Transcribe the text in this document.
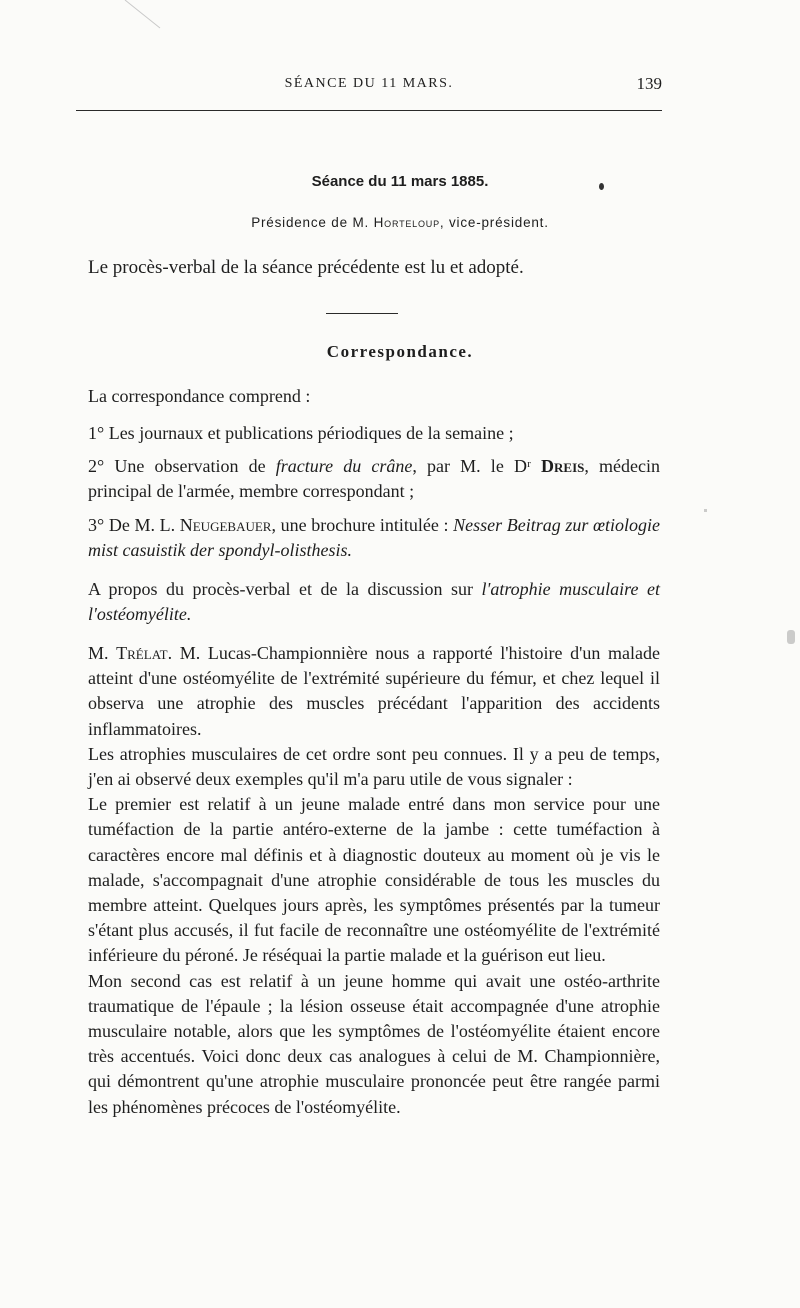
SÉANCE DU 11 MARS.	139
Séance du 11 mars 1885.
Présidence de M. Horteloup, vice-président.

Le procès-verbal de la séance précédente est lu et adopté.

Correspondance.

La correspondance comprend :

1° Les journaux et publications périodiques de la semaine ;

2° Une observation de fracture du crâne, par M. le Dʳ Dreis, médecin principal de l'armée, membre correspondant ;

3° De M. L. Neugebauer, une brochure intitulée : Nesser Beitrag zur œtiologie mist casuistik der spondyl-olisthesis.

A propos du procès-verbal et de la discussion sur l'atrophie musculaire et l'ostéomyélite.

M. Trélat. M. Lucas-Championnière nous a rapporté l'histoire d'un malade atteint d'une ostéomyélite de l'extrémité supérieure du fémur, et chez lequel il observa une atrophie des muscles précédant l'apparition des accidents inflammatoires.

Les atrophies musculaires de cet ordre sont peu connues. Il y a peu de temps, j'en ai observé deux exemples qu'il m'a paru utile de vous signaler :

Le premier est relatif à un jeune malade entré dans mon service pour une tuméfaction de la partie antéro-externe de la jambe : cette tuméfaction à caractères encore mal définis et à diagnostic douteux au moment où je vis le malade, s'accompagnait d'une atrophie considérable de tous les muscles du membre atteint. Quelques jours après, les symptômes présentés par la tumeur s'étant plus accusés, il fut facile de reconnaître une ostéomyélite de l'extrémité inférieure du péroné. Je réséquai la partie malade et la guérison eut lieu.

Mon second cas est relatif à un jeune homme qui avait une ostéo-arthrite traumatique de l'épaule ; la lésion osseuse était accompagnée d'une atrophie musculaire notable, alors que les symptômes de l'ostéomyélite étaient encore très accentués. Voici donc deux cas analogues à celui de M. Championnière, qui démontrent qu'une atrophie musculaire prononcée peut être rangée parmi les phénomènes précoces de l'ostéomyélite.
